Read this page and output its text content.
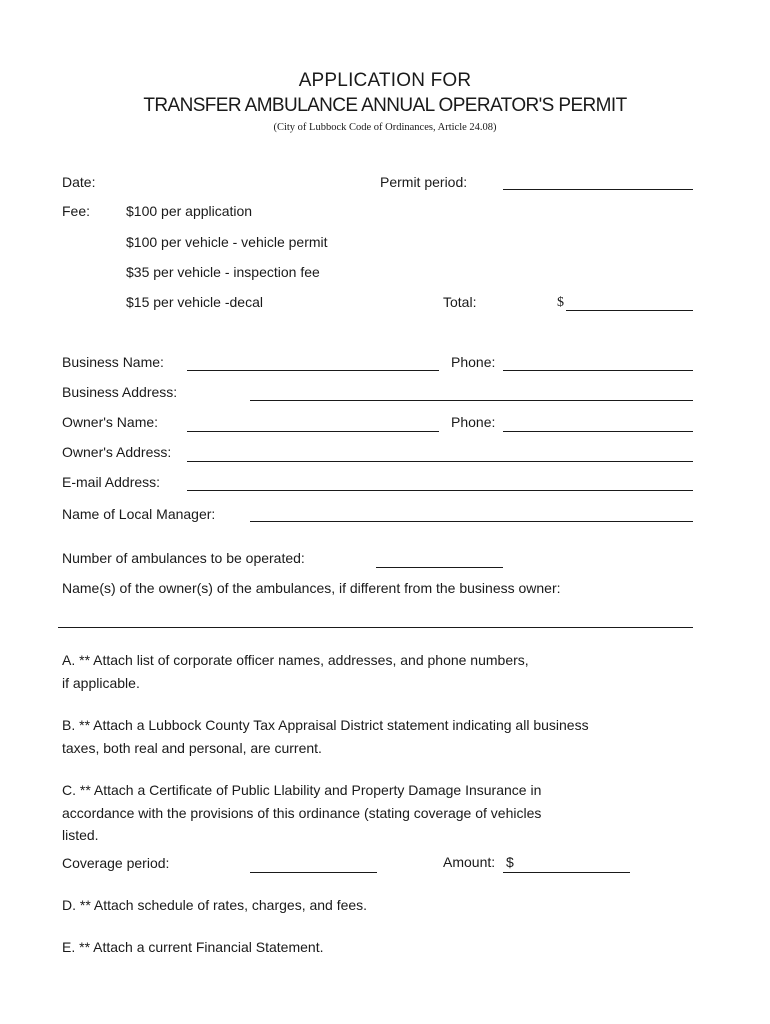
APPLICATION FOR
TRANSFER AMBULANCE ANNUAL OPERATOR'S PERMIT
(City of Lubbock Code of Ordinances, Article 24.08)
Date:	Permit period:
Fee:	$100 per application
$100 per vehicle - vehicle permit
$35 per vehicle - inspection fee
$15 per vehicle -decal	Total:	$
Business Name:	Phone:
Business Address:
Owner's Name:	Phone:
Owner's Address:
E-mail Address:
Name of Local Manager:
Number of ambulances to be operated:
Name(s) of the owner(s) of the ambulances, if different from the business owner:
A. ** Attach list of corporate officer names, addresses, and phone numbers,
if applicable.
B. ** Attach a Lubbock County Tax Appraisal District statement indicating all business
taxes, both real and personal, are current.
C. ** Attach a Certificate of Public Llability and Property Damage Insurance in
accordance with the provisions of this ordinance (stating coverage of vehicles
listed.
Coverage period:	Amount: $
D. ** Attach schedule of rates, charges, and fees.
E. ** Attach a current Financial Statement.
